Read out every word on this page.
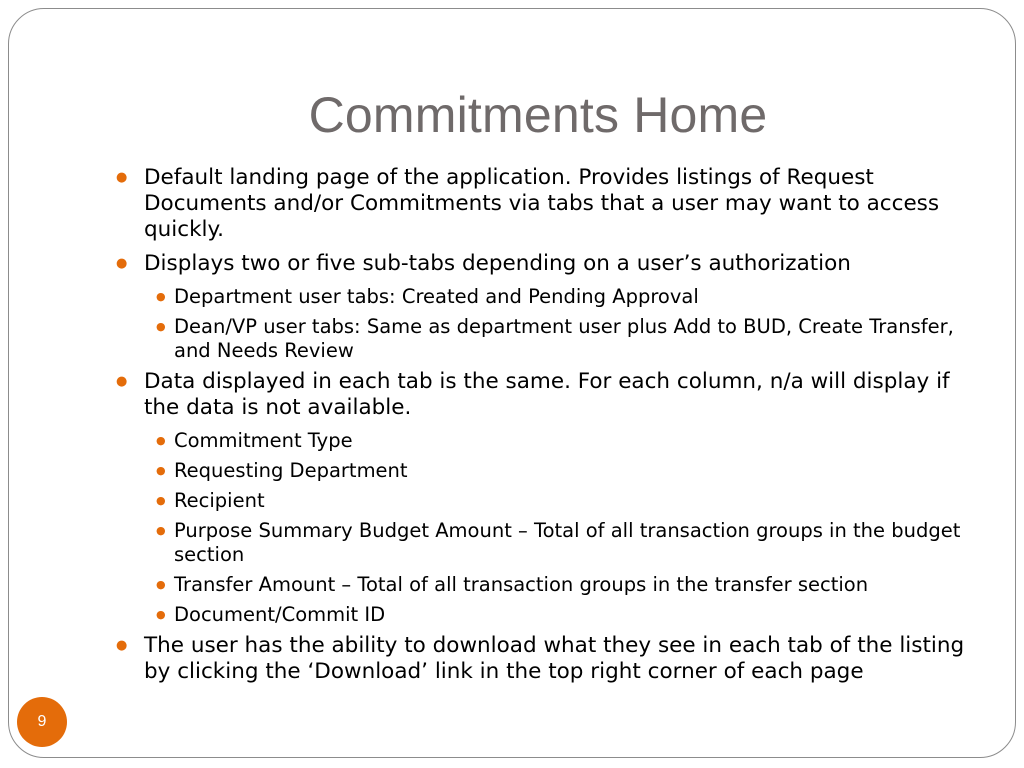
Commitments Home
● Default landing page of the application. Provides listings of Request Documents and/or Commitments via tabs that a user may want to access quickly.
● Displays two or five sub-tabs depending on a user’s authorization
● Department user tabs: Created and Pending Approval
● Dean/VP user tabs: Same as department user plus Add to BUD, Create Transfer, and Needs Review
● Data displayed in each tab is the same. For each column, n/a will display if the data is not available.
● Commitment Type
● Requesting Department
● Recipient
● Purpose Summary Budget Amount – Total of all transaction groups in the budget section
● Transfer Amount – Total of all transaction groups in the transfer section
● Document/Commit ID
● The user has the ability to download what they see in each tab of the listing by clicking the ‘Download’ link in the top right corner of each page
9
